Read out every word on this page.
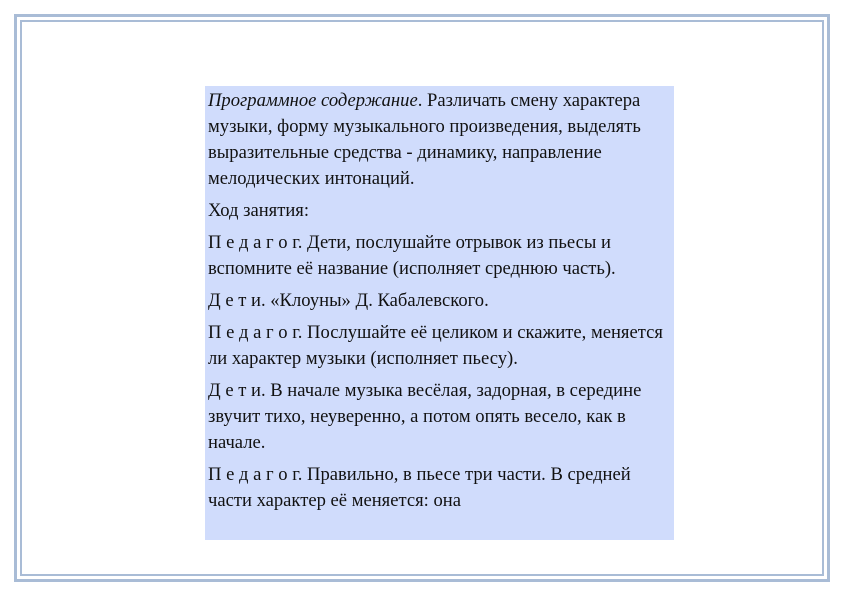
Программное содержание. Различать смену характера музыки, форму музыкального произведения, выделять выразительные средства - динамику, направление мелодических интонаций.

Ход занятия:

П е д а г о г. Дети, послушайте отрывок из пьесы и вспомните её название (исполняет среднюю часть).

Д е т и. «Клоуны» Д. Кабалевского.

П е д а г о г. Послушайте её целиком и скажите, меняется ли характер музыки (исполняет пьесу).

Д е т и. В начале музыка весёлая, задорная, в середине звучит тихо, неуверенно, а потом опять весело, как в начале.

П е д а г о г. Правильно, в пьесе три части. В средней части характер её меняется: она
